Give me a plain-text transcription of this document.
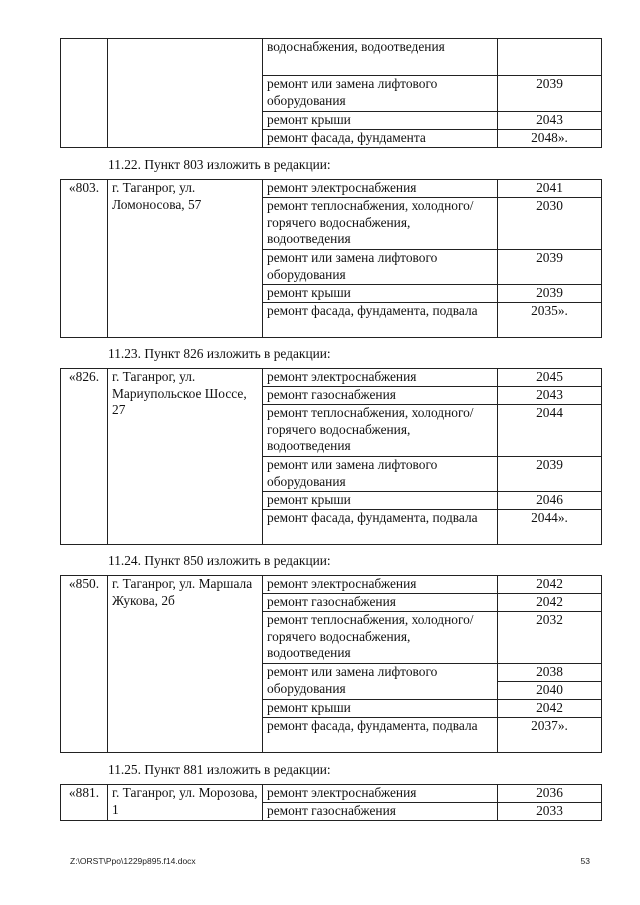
		водоснабжения, водоотведения	
		ремонт или замена лифтового оборудования	2039
		ремонт крыши	2043
		ремонт фасада, фундамента	2048».
11.22. Пункт 803 изложить в редакции:
«803.	г. Таганрог, ул. Ломоносова, 57	ремонт электроснабжения	2041
		ремонт теплоснабжения, холодного/горячего водоснабжения, водоотведения	2030
		ремонт или замена лифтового оборудования	2039
		ремонт крыши	2039
		ремонт фасада, фундамента, подвала	2035».
11.23. Пункт 826 изложить в редакции:
«826.	г. Таганрог, ул. Мариупольское Шоссе, 27	ремонт электроснабжения	2045
		ремонт газоснабжения	2043
		ремонт теплоснабжения, холодного/горячего водоснабжения, водоотведения	2044
		ремонт или замена лифтового оборудования	2039
		ремонт крыши	2046
		ремонт фасада, фундамента, подвала	2044».
11.24. Пункт 850 изложить в редакции:
«850.	г. Таганрог, ул. Маршала Жукова, 2б	ремонт электроснабжения	2042
		ремонт газоснабжения	2042
		ремонт теплоснабжения, холодного/горячего водоснабжения, водоотведения	2032
		ремонт или замена лифтового оборудования	2038
			2040
		ремонт крыши	2042
		ремонт фасада, фундамента, подвала	2037».
11.25. Пункт 881 изложить в редакции:
«881.	г. Таганрог, ул. Морозова, 1	ремонт электроснабжения	2036
		ремонт газоснабжения	2033
Z:\ORST\Ppo\1229p895.f14.docx	53
